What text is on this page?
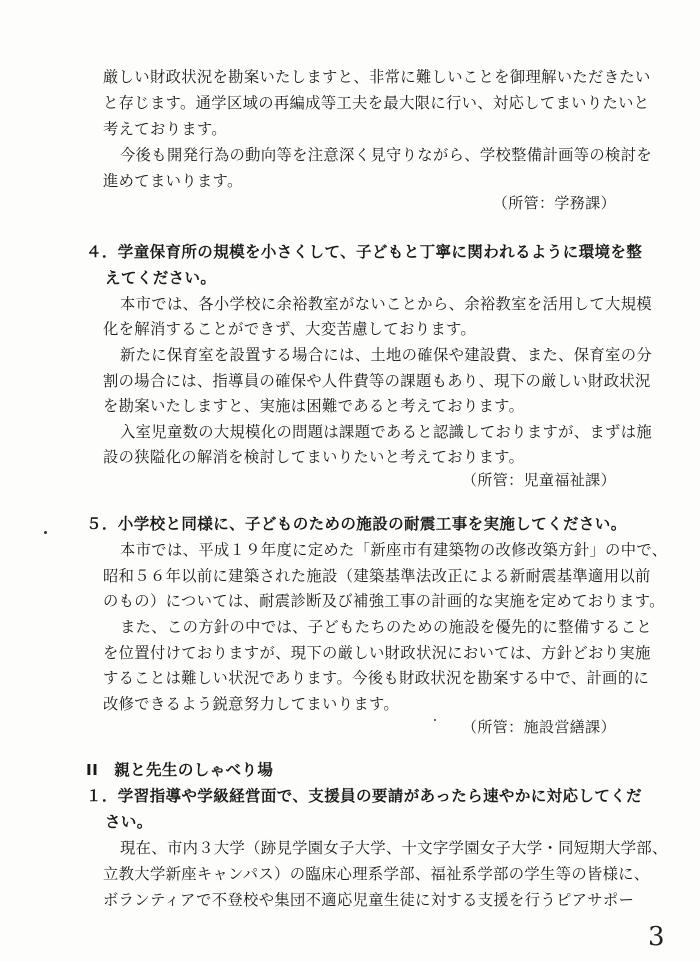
厳しい財政状況を勘案いたしますと、非常に難しいことを御理解いただきたい
と存じます。通学区域の再編成等工夫を最大限に行い、対応してまいりたいと
考えております。
今後も開発行為の動向等を注意深く見守りながら、学校整備計画等の検討を
進めてまいります。
（所管：学務課）
４．学童保育所の規模を小さくして、子どもと丁寧に関われるように環境を整
えてください。
本市では、各小学校に余裕教室がないことから、余裕教室を活用して大規模
化を解消することができず、大変苦慮しております。
新たに保育室を設置する場合には、土地の確保や建設費、また、保育室の分
割の場合には、指導員の確保や人件費等の課題もあり、現下の厳しい財政状況
を勘案いたしますと、実施は困難であると考えております。
入室児童数の大規模化の問題は課題であると認識しておりますが、まずは施
設の狭隘化の解消を検討してまいりたいと考えております。
（所管：児童福祉課）
５．小学校と同様に、子どものための施設の耐震工事を実施してください。
本市では、平成１９年度に定めた「新座市有建築物の改修改築方針」の中で、
昭和５６年以前に建築された施設（建築基準法改正による新耐震基準適用以前
のもの）については、耐震診断及び補強工事の計画的な実施を定めております。
また、この方針の中では、子どもたちのための施設を優先的に整備すること
を位置付けておりますが、現下の厳しい財政状況においては、方針どおり実施
することは難しい状況であります。今後も財政状況を勘案する中で、計画的に
改修できるよう鋭意努力してまいります。
（所管：施設営繕課）
II　親と先生のしゃべり場
１．学習指導や学級経営面で、支援員の要請があったら速やかに対応してくだ
さい。
現在、市内３大学（跡見学園女子大学、十文字学園女子大学・同短期大学部、
立教大学新座キャンパス）の臨床心理系学部、福祉系学部の学生等の皆様に、
ボランティアで不登校や集団不適応児童生徒に対する支援を行うピアサポー
3
